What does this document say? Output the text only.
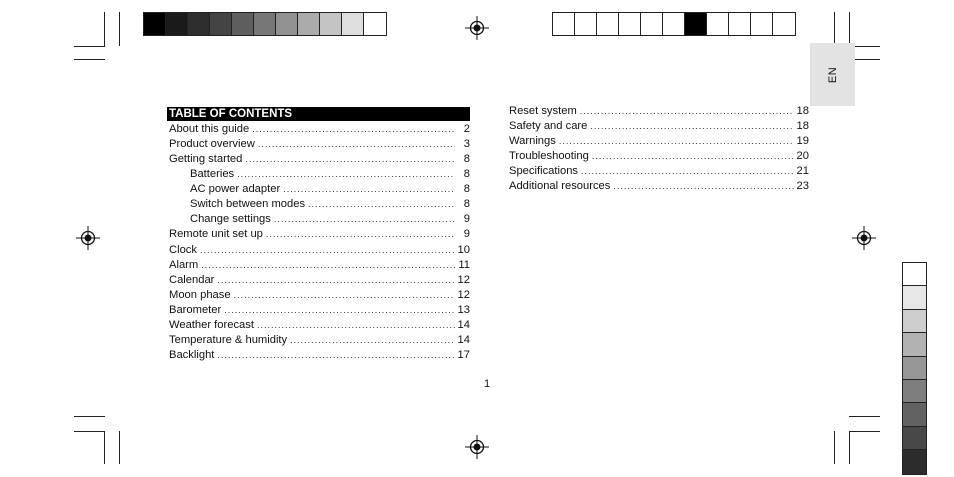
EN
TABLE OF CONTENTS
About this guide .....	2
Product overview .....	3
Getting started .....	8
Batteries .....	8
AC power adapter .....	8
Switch between modes .....	8
Change settings .....	9
Remote unit set up .....	9
Clock .....	10
Alarm .....	11
Calendar .....	12
Moon phase .....	12
Barometer .....	13
Weather forecast .....	14
Temperature & humidity .....	14
Backlight .....	17
Reset system .....	18
Safety and care .....	18
Warnings .....	19
Troubleshooting .....	20
Specifications .....	21
Additional resources .....	23
1
